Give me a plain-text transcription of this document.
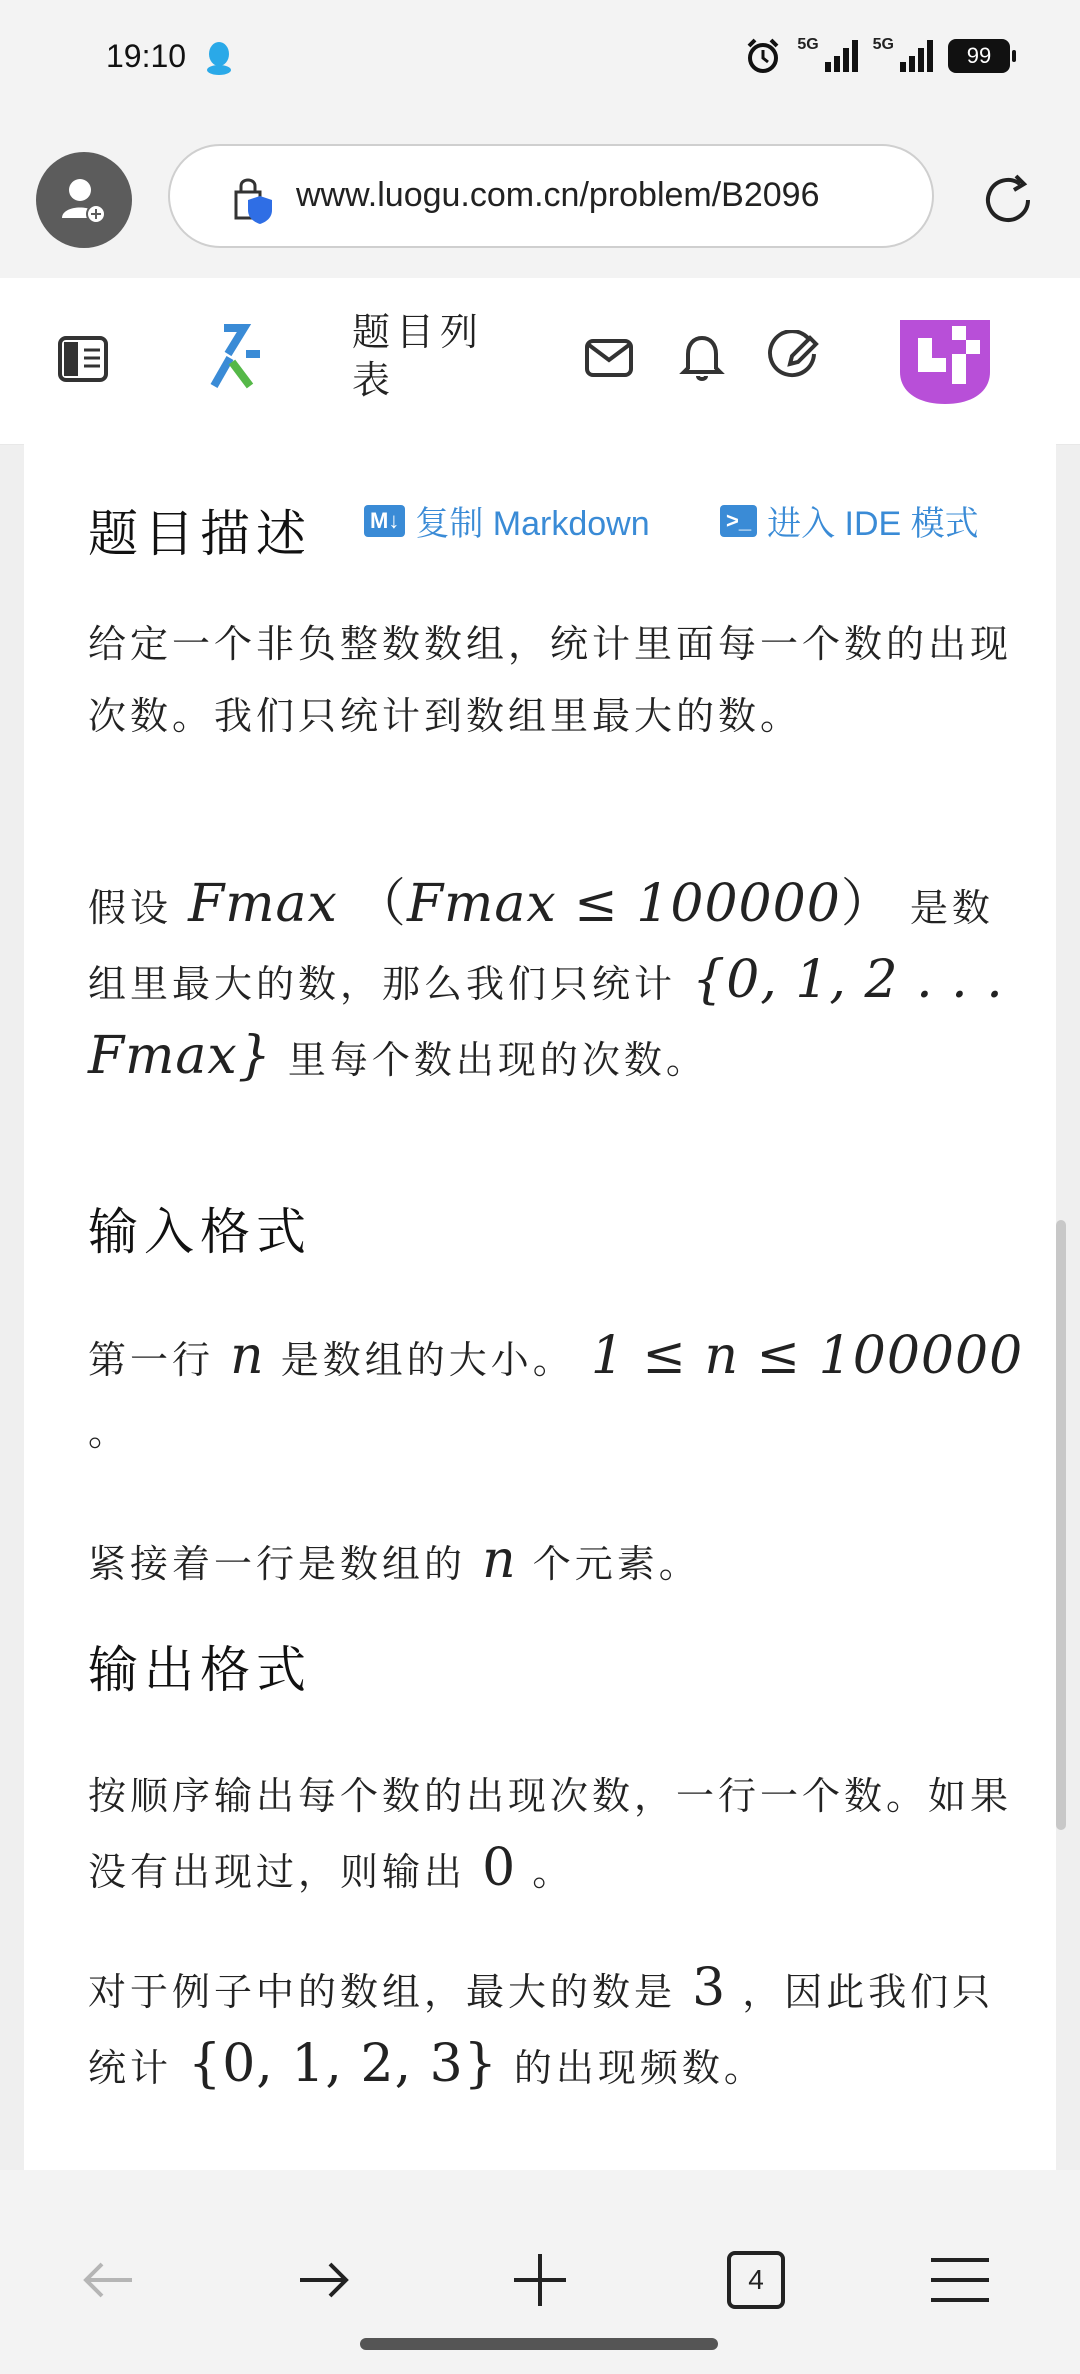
19:10	5G	5G	99
www.luogu.com.cn/problem/B2096
题目列表
题目描述	M↓ 复制 Markdown	>_ 进入 IDE 模式
给定一个非负整数数组，统计里面每一个数的出现次数。我们只统计到数组里最大的数。
假设 Fmax （Fmax ≤ 100000） 是数组里最大的数，那么我们只统计 {0, 1, 2 . . . Fmax} 里每个数出现的次数。
输入格式
第一行 n 是数组的大小。 1 ≤ n ≤ 100000 。
紧接着一行是数组的 n 个元素。
输出格式
按顺序输出每个数的出现次数，一行一个数。如果没有出现过，则输出 0 。
对于例子中的数组，最大的数是 3 ，因此我们只统计 {0, 1, 2, 3} 的出现频数。
4
